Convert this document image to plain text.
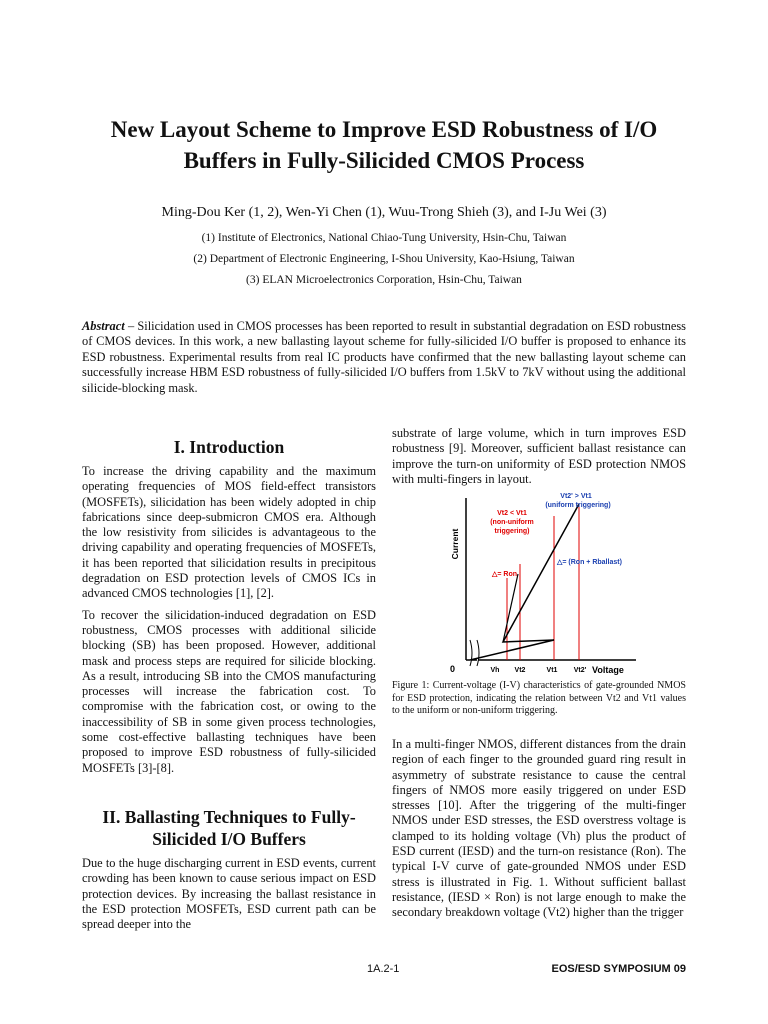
New Layout Scheme to Improve ESD Robustness of I/O
Buffers in Fully-Silicided CMOS Process
Ming-Dou Ker (1, 2), Wen-Yi Chen (1), Wuu-Trong Shieh (3), and I-Ju Wei (3)
(1) Institute of Electronics, National Chiao-Tung University, Hsin-Chu, Taiwan
(2) Department of Electronic Engineering, I-Shou University, Kao-Hsiung, Taiwan
(3) ELAN Microelectronics Corporation, Hsin-Chu, Taiwan

Abstract – Silicidation used in CMOS processes has been reported to result in substantial degradation on ESD robustness of CMOS devices. In this work, a new ballasting layout scheme for fully-silicided I/O buffer is proposed to enhance its ESD robustness. Experimental results from real IC products have confirmed that the new ballasting layout scheme can successfully increase HBM ESD robustness of fully-silicided I/O buffers from 1.5kV to 7kV without using the additional silicide-blocking mask.

I. Introduction

To increase the driving capability and the maximum operating frequencies of MOS field-effect transistors (MOSFETs), silicidation has been widely adopted in chip fabrications since deep-submicron CMOS era. Although the low resistivity from silicides is advantageous to the driving capability and operating frequencies of MOSFETs, it has been reported that silicidation results in precipitous degradation on ESD protection levels of CMOS ICs in advanced CMOS technologies [1], [2].

To recover the silicidation-induced degradation on ESD robustness, CMOS processes with additional silicide blocking (SB) has been proposed. However, additional mask and process steps are required for silicide blocking. As a result, introducing SB into the CMOS manufacturing processes will increase the fabrication cost. To compromise with the fabrication cost, or owing to the inaccessibility of SB in some given process technologies, some cost-effective ballasting techniques have been proposed to improve ESD robustness of fully-silicided MOSFETs [3]-[8].

II. Ballasting Techniques to Fully-
Silicided I/O Buffers

Due to the huge discharging current in ESD events, current crowding has been known to cause serious impact on ESD protection devices. By increasing the ballast resistance in the ESD protection MOSFETs, ESD current path can be spread deeper into the

substrate of large volume, which in turn improves ESD robustness [9]. Moreover, sufficient ballast resistance can improve the turn-on uniformity of ESD protection NMOS with multi-fingers in layout.

Current
0	Voltage
Vh Vt2	Vt1 Vt2'
Vt2' > Vt1
(uniform triggering)
Vt2 < Vt1
(non-uniform
triggering)
△= Ron
△= (Ron + Rballast)
Figure 1: Current-voltage (I-V) characteristics of gate-grounded NMOS for ESD protection, indicating the relation between Vt2 and Vt1 values to the uniform or non-uniform triggering.

In a multi-finger NMOS, different distances from the drain region of each finger to the grounded guard ring result in asymmetry of substrate resistance to cause the central fingers of NMOS more easily triggered on under ESD stresses [10]. After the triggering of the multi-finger NMOS under ESD stresses, the ESD overstress voltage is clamped to its holding voltage (Vh) plus the product of ESD current (IESD) and the turn-on resistance (Ron). The typical I-V curve of gate-grounded NMOS under ESD stress is illustrated in Fig. 1. Without sufficient ballast resistance, (IESD × Ron) is not large enough to make the secondary breakdown voltage (Vt2) higher than the trigger

1A.2-1	EOS/ESD SYMPOSIUM 09
